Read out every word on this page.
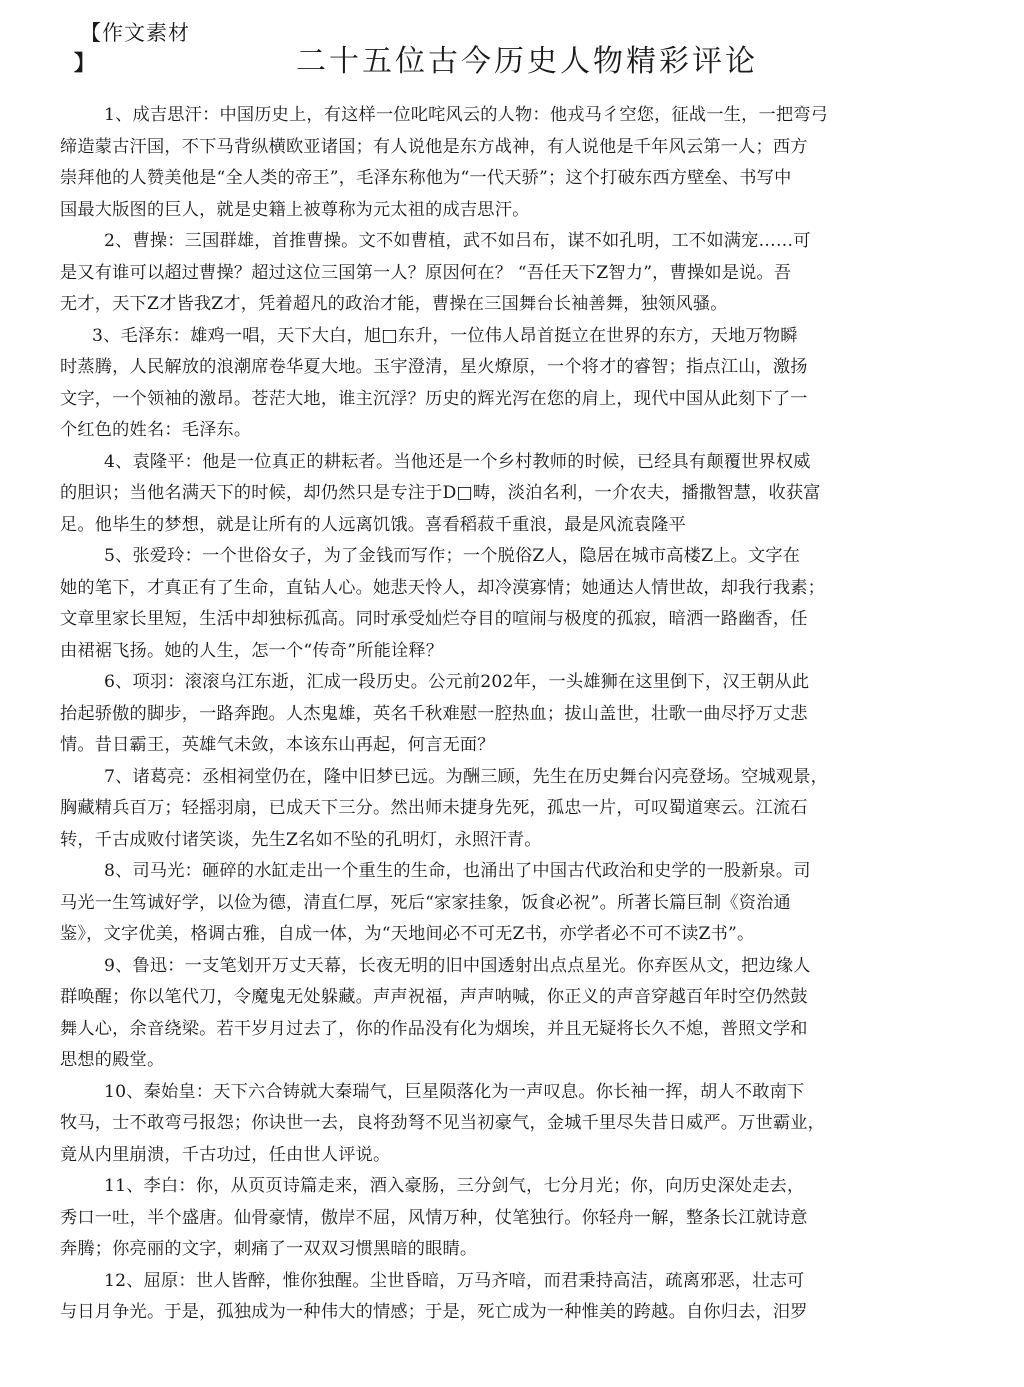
【作文素材
】	二十五位古今历史人物精彩评论
1、成吉思汗：中国历史上，有这样一位叱咤风云的人物：他戎马彳空您，征战一生，一把弯弓
缔造蒙古汗国，不下马背纵横欧亚诸国；有人说他是东方战神，有人说他是千年风云第一人；西方
崇拜他的人赞美他是“全人类的帝王”，毛泽东称他为“一代天骄”；这个打破东西方壁垒、书写中
国最大版图的巨人，就是史籍上被尊称为元太祖的成吉思汗。
2、曹操：三国群雄，首推曹操。文不如曹植，武不如吕布，谋不如孔明，工不如满宠……可
是又有谁可以超过曹操？超过这位三国第一人？原因何在？ “吾任天下Z智力”，曹操如是说。吾
无才，天下Z才皆我Z才，凭着超凡的政治才能，曹操在三国舞台长袖善舞，独领风骚。
3、毛泽东：雄鸡一唱，天下大白，旭□东升，一位伟人昂首挺立在世界的东方，天地万物瞬
时蒸腾，人民解放的浪潮席卷华夏大地。玉宇澄清，星火燎原，一个将才的睿智；指点江山，激扬
文字，一个领袖的激昂。苍茫大地，谁主沉浮？历史的辉光泻在您的肩上，现代中国从此刻下了一
个红色的姓名：毛泽东。
4、袁隆平：他是一位真正的耕耘者。当他还是一个乡村教师的时候，已经具有颠覆世界权威
的胆识；当他名满天下的时候，却仍然只是专注于D□畴，淡泊名利，一介农夫，播撒智慧，收获富
足。他毕生的梦想，就是让所有的人远离饥饿。喜看稻菽千重浪，最是风流袁隆平
5、张爱玲：一个世俗女子，为了金钱而写作；一个脱俗Z人，隐居在城市高楼Z上。文字在
她的笔下，才真正有了生命，直钻人心。她悲天怜人，却冷漠寡情；她通达人情世故，却我行我素；
文章里家长里短，生活中却独标孤高。同时承受灿烂夺目的喧闹与极度的孤寂，暗洒一路幽香，任
由裙裾飞扬。她的人生，怎一个“传奇”所能诠释？
6、项羽：滚滚乌江东逝，汇成一段历史。公元前202年，一头雄狮在这里倒下，汉王朝从此
抬起骄傲的脚步，一路奔跑。人杰鬼雄，英名千秋难慰一腔热血；拔山盖世，壮歌一曲尽抒万丈悲
情。昔日霸王，英雄气未敛，本该东山再起，何言无面？
7、诸葛亮：丞相祠堂仍在，隆中旧梦已远。为酬三顾，先生在历史舞台闪亮登场。空城观景，
胸藏精兵百万；轻摇羽扇，已成天下三分。然出师未捷身先死，孤忠一片，可叹蜀道寒云。江流石
转，千古成败付诸笑谈，先生Z名如不坠的孔明灯，永照汗青。
8、司马光：砸碎的水缸走出一个重生的生命，也涌出了中国古代政治和史学的一股新泉。司
马光一生笃诚好学，以俭为德，清直仁厚，死后“家家挂象，饭食必祝”。所著长篇巨制《资治通
鉴》，文字优美，格调古雅，自成一体，为“天地间必不可无Z书，亦学者必不可不读Z书”。
9、鲁迅：一支笔划开万丈天幕，长夜无明的旧中国透射出点点星光。你弃医从文，把边缘人
群唤醒；你以笔代刀，令魔鬼无处躲藏。声声祝福，声声呐喊，你正义的声音穿越百年时空仍然鼓
舞人心，余音绕梁。若干岁月过去了，你的作品没有化为烟埃，并且无疑将长久不熄，普照文学和
思想的殿堂。
10、秦始皇：天下六合铸就大秦瑞气，巨星陨落化为一声叹息。你长袖一挥，胡人不敢南下
牧马，士不敢弯弓报怨；你诀世一去，良将劲弩不见当初豪气，金城千里尽失昔日威严。万世霸业，
竟从内里崩溃，千古功过，任由世人评说。
11、李白：你，从页页诗篇走来，酒入豪肠，三分剑气，七分月光；你，向历史深处走去，
秀口一吐，半个盛唐。仙骨豪情，傲岸不屈，风情万种，仗笔独行。你轻舟一解，整条长江就诗意
奔腾；你亮丽的文字，刺痛了一双双习惯黑暗的眼睛。
12、屈原：世人皆醉，惟你独醒。尘世昏暗，万马齐喑，而君秉持高洁，疏离邪恶，壮志可
与日月争光。于是，孤独成为一种伟大的情感；于是，死亡成为一种惟美的跨越。自你归去，汨罗
